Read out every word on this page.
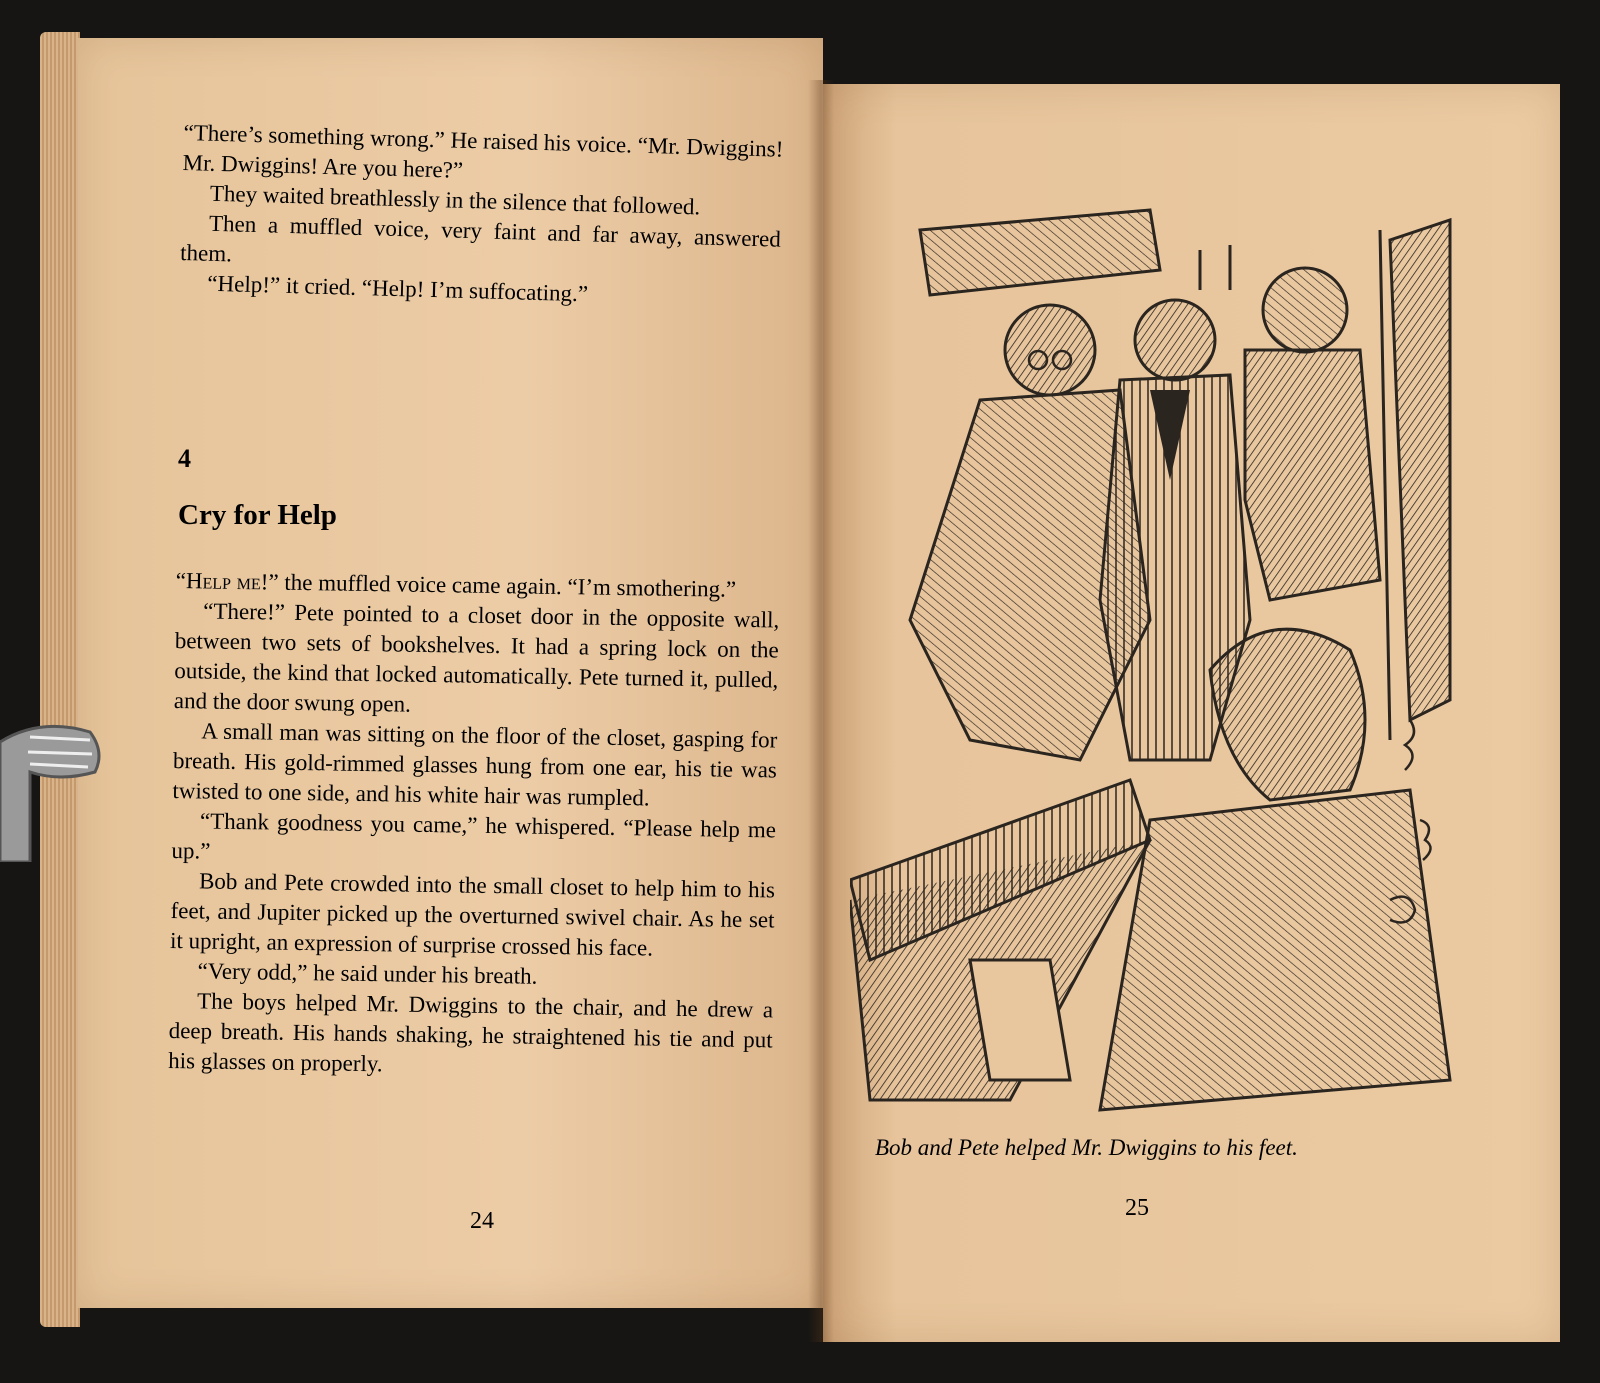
“There’s something wrong.” He raised his voice. “Mr. Dwiggins! Mr. Dwiggins! Are you here?”

They waited breathlessly in the silence that followed.

Then a muffled voice, very faint and far away, answered them.

“Help!” it cried. “Help! I’m suffocating.”

4
Cry for Help

“Help me!” the muffled voice came again. “I’m smothering.”

“There!” Pete pointed to a closet door in the opposite wall, between two sets of bookshelves. It had a spring lock on the outside, the kind that locked automatically. Pete turned it, pulled, and the door swung open.

A small man was sitting on the floor of the closet, gasping for breath. His gold-rimmed glasses hung from one ear, his tie was twisted to one side, and his white hair was rumpled.

“Thank goodness you came,” he whispered. “Please help me up.”

Bob and Pete crowded into the small closet to help him to his feet, and Jupiter picked up the overturned swivel chair. As he set it upright, an expression of surprise crossed his face.

“Very odd,” he said under his breath.

The boys helped Mr. Dwiggins to the chair, and he drew a deep breath. His hands shaking, he straightened his tie and put his glasses on properly.

24
Bob and Pete helped Mr. Dwiggins to his feet.
25
